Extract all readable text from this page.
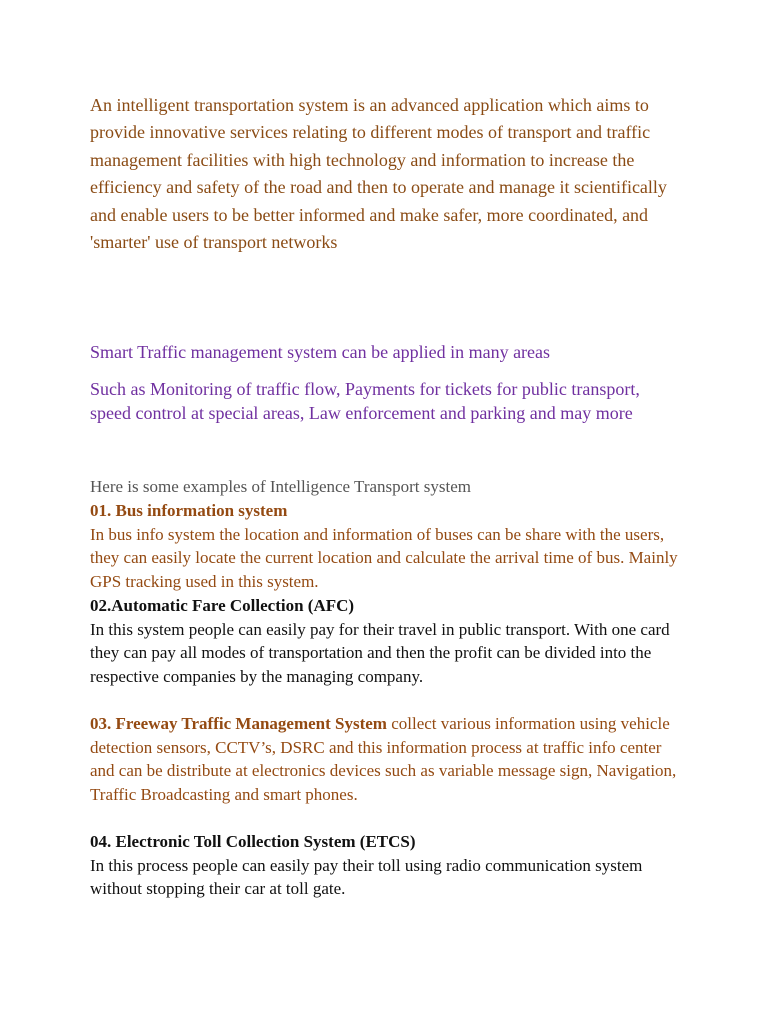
An intelligent transportation system is an advanced application which aims to provide innovative services relating to different modes of transport and traffic management facilities with high technology and information to increase the efficiency and safety of the road and then to operate and manage it scientifically and enable users to be better informed and make safer, more coordinated, and 'smarter' use of transport networks

Smart Traffic management system can be applied in many areas

Such as Monitoring of traffic flow, Payments for tickets for public transport, speed control at special areas, Law enforcement and parking and may more

Here is some examples of Intelligence Transport system

01. Bus information system
In bus info system the location and information of buses can be share with the users, they can easily locate the current location and calculate the arrival time of bus. Mainly GPS tracking used in this system.
02.Automatic Fare Collection (AFC)
In this system people can easily pay for their travel in public transport. With one card they can pay all modes of transportation and then the profit can be divided into the respective companies by the managing company.
03. Freeway Traffic Management System collect various information using vehicle detection sensors, CCTV’s, DSRC and this information process at traffic info center and can be distribute at electronics devices such as variable message sign, Navigation, Traffic Broadcasting and smart phones.
04. Electronic Toll Collection System (ETCS)
In this process people can easily pay their toll using radio communication system without stopping their car at toll gate.
